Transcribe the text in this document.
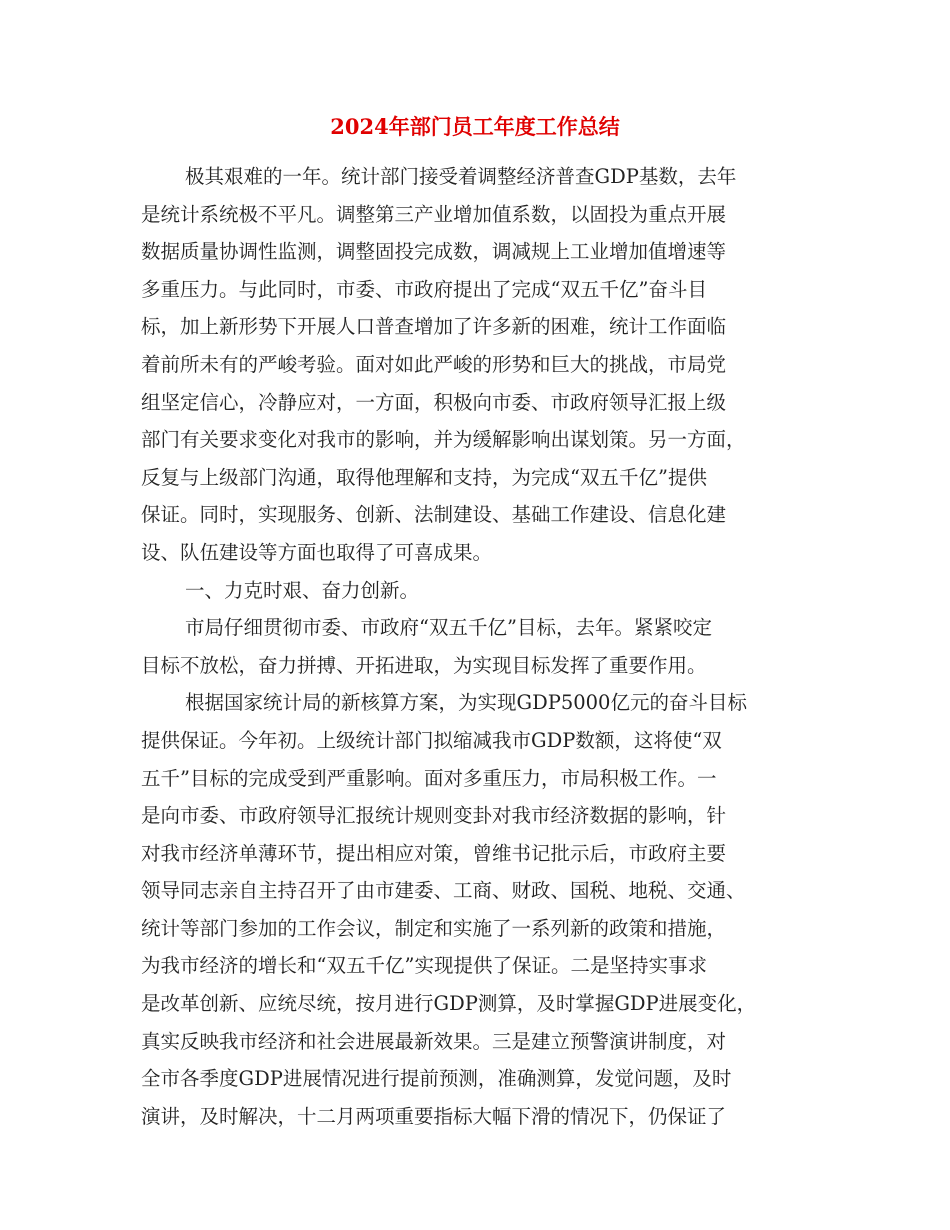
2024年部门员工年度工作总结
极其艰难的一年。统计部门接受着调整经济普查GDP基数，去年
是统计系统极不平凡。调整第三产业增加值系数，以固投为重点开展
数据质量协调性监测，调整固投完成数，调减规上工业增加值增速等
多重压力。与此同时，市委、市政府提出了完成“双五千亿”奋斗目
标，加上新形势下开展人口普查增加了许多新的困难，统计工作面临
着前所未有的严峻考验。面对如此严峻的形势和巨大的挑战，市局党
组坚定信心，冷静应对，一方面，积极向市委、市政府领导汇报上级
部门有关要求变化对我市的影响，并为缓解影响出谋划策。另一方面，
反复与上级部门沟通，取得他理解和支持，为完成“双五千亿”提供
保证。同时，实现服务、创新、法制建设、基础工作建设、信息化建
设、队伍建设等方面也取得了可喜成果。
一、力克时艰、奋力创新。
市局仔细贯彻市委、市政府“双五千亿”目标，去年。紧紧咬定
目标不放松，奋力拼搏、开拓进取，为实现目标发挥了重要作用。
根据国家统计局的新核算方案，为实现GDP5000亿元的奋斗目标
提供保证。今年初。上级统计部门拟缩减我市GDP数额，这将使“双
五千”目标的完成受到严重影响。面对多重压力，市局积极工作。一
是向市委、市政府领导汇报统计规则变卦对我市经济数据的影响，针
对我市经济单薄环节，提出相应对策，曾维书记批示后，市政府主要
领导同志亲自主持召开了由市建委、工商、财政、国税、地税、交通、
统计等部门参加的工作会议，制定和实施了一系列新的政策和措施，
为我市经济的增长和“双五千亿”实现提供了保证。二是坚持实事求
是改革创新、应统尽统，按月进行GDP测算，及时掌握GDP进展变化，
真实反映我市经济和社会进展最新效果。三是建立预警演讲制度，对
全市各季度GDP进展情况进行提前预测，准确测算，发觉问题，及时
演讲，及时解决，十二月两项重要指标大幅下滑的情况下，仍保证了
